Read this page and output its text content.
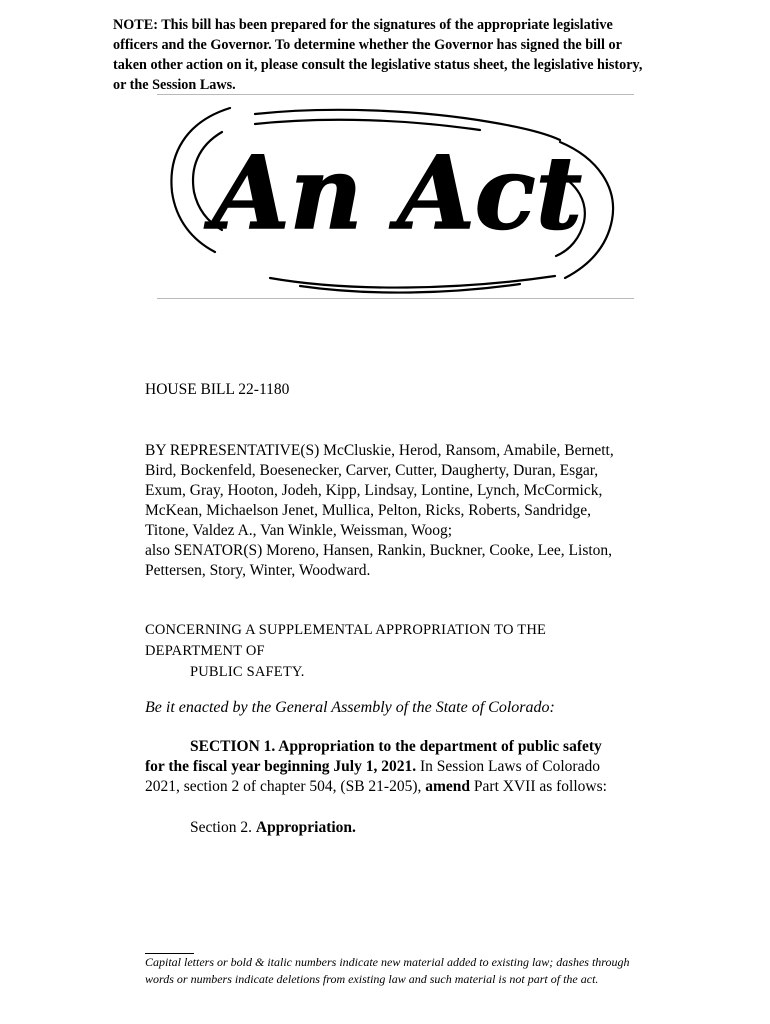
NOTE: This bill has been prepared for the signatures of the appropriate legislative officers and the Governor. To determine whether the Governor has signed the bill or taken other action on it, please consult the legislative status sheet, the legislative history, or the Session Laws.

An Act

HOUSE BILL 22-1180

BY REPRESENTATIVE(S) McCluskie, Herod, Ransom, Amabile, Bernett,
Bird, Bockenfeld, Boesenecker, Carver, Cutter, Daugherty, Duran, Esgar,
Exum, Gray, Hooton, Jodeh, Kipp, Lindsay, Lontine, Lynch, McCormick,
McKean, Michaelson Jenet, Mullica, Pelton, Ricks, Roberts, Sandridge,
Titone, Valdez A., Van Winkle, Weissman, Woog;
also SENATOR(S) Moreno, Hansen, Rankin, Buckner, Cooke, Lee, Liston,
Pettersen, Story, Winter, Woodward.
CONCERNING A SUPPLEMENTAL APPROPRIATION TO THE DEPARTMENT OF
PUBLIC SAFETY.

Be it enacted by the General Assembly of the State of Colorado:

SECTION 1. Appropriation to the department of public safety
for the fiscal year beginning July 1, 2021. In Session Laws of Colorado
2021, section 2 of chapter 504, (SB 21-205), amend Part XVII as follows:
Section 2. Appropriation.

Capital letters or bold & italic numbers indicate new material added to existing law; dashes through words or numbers indicate deletions from existing law and such material is not part of the act.
